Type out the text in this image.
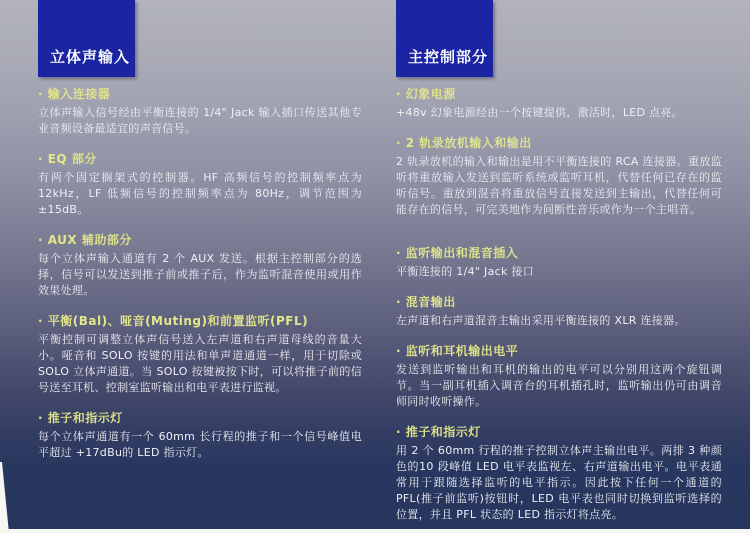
立体声输入
· 输入连接器
立体声输入信号经由平衡连接的 1/4" Jack 输入插口传送其他专业音频设备最适宜的声音信号。
· EQ 部分
有两个固定搁架式的控制器。HF 高频信号的控制频率点为 12kHz，LF 低频信号的控制频率点为 80Hz，调节范围为 ±15dB。
· AUX 辅助部分
每个立体声输入通道有 2 个 AUX 发送。根据主控制部分的选择，信号可以发送到推子前或推子后，作为监听混音使用或用作效果处理。
· 平衡(Bal)、哑音(Muting)和前置监听(PFL)
平衡控制可调整立体声信号送入左声道和右声道母线的音量大小。哑音和 SOLO 按键的用法和单声道通道一样，用于切除或 SOLO 立体声通道。当 SOLO 按键被按下时，可以将推子前的信号送至耳机、控制室监听输出和电平表进行监视。
· 推子和指示灯
每个立体声通道有一个 60mm 长行程的推子和一个信号峰值电平超过 +17dBu的 LED 指示灯。
主控制部分
· 幻象电源
+48v 幻象电源经由一个按键提供，激活时，LED 点亮。
· 2 轨录放机输入和输出
2 轨录放机的输入和输出是用不平衡连接的 RCA 连接器。重放监听将重放输入发送到监听系统或监听耳机，代替任何已存在的监听信号。重放到混音将重放信号直接发送到主输出，代替任何可能存在的信号，可完美地作为间断性音乐或作为一个主唱音。
· 监听输出和混音插入
平衡连接的 1/4" Jack 接口
· 混音输出
左声道和右声道混音主输出采用平衡连接的 XLR 连接器。
· 监听和耳机输出电平
发送到监听输出和耳机的输出的电平可以分别用这两个旋钮调节。当一副耳机插入调音台的耳机插孔时，监听输出仍可由调音师同时收听操作。
· 推子和指示灯
用 2 个 60mm 行程的推子控制立体声主输出电平。两排 3 种颜色的10 段峰值 LED 电平表监视左、右声道输出电平。电平表通常用于跟随选择监听的电平指示。因此按下任何一个通道的 PFL(推子前监听)按钮时，LED 电平表也同时切换到监听选择的位置，并且 PFL 状态的 LED 指示灯将点亮。
